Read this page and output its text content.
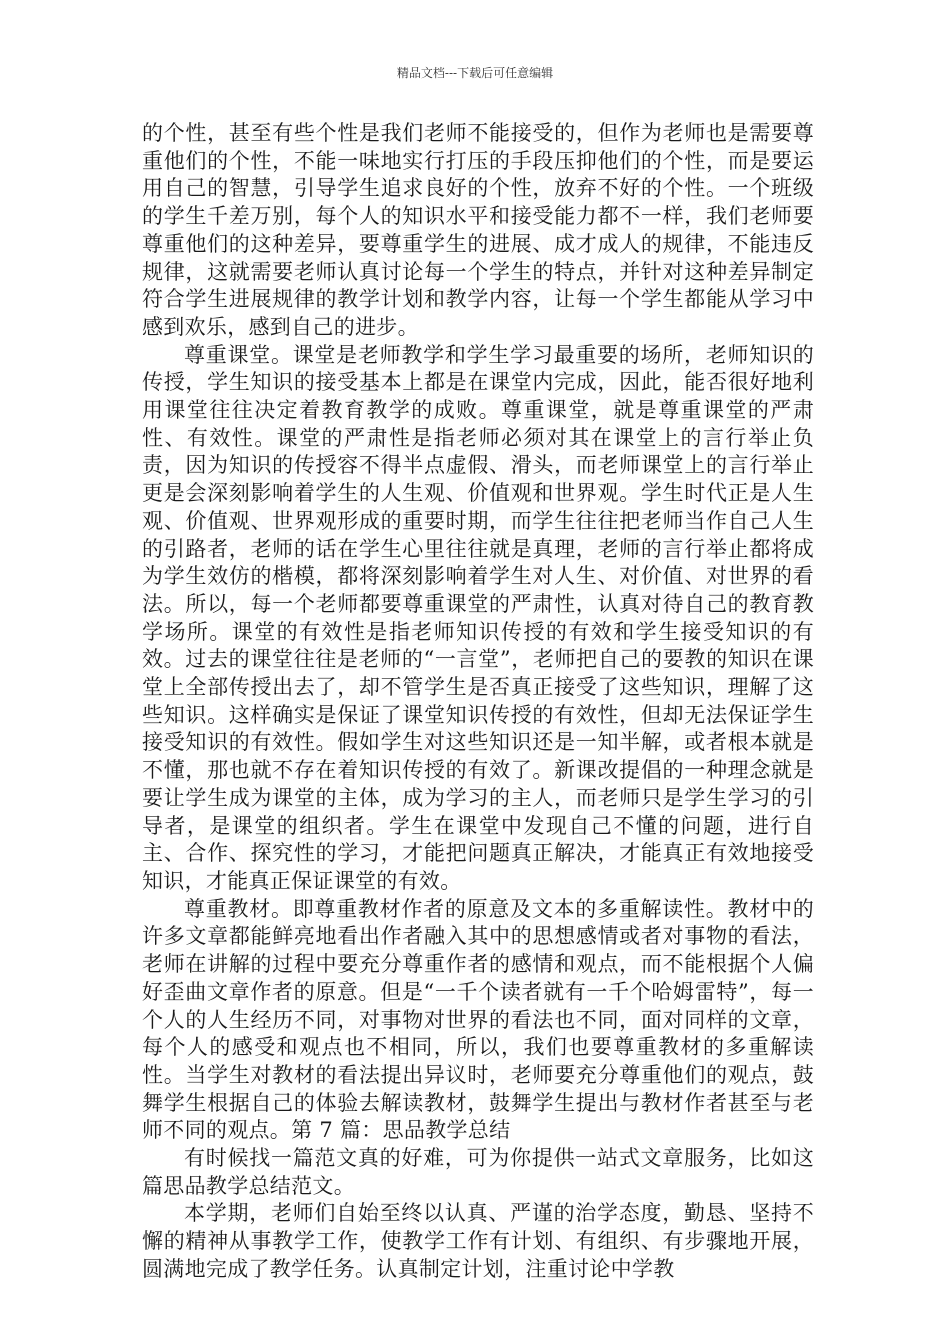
精品文档---下载后可任意编辑

的个性，甚至有些个性是我们老师不能接受的，但作为老师也是需要尊重他们的个性，不能一味地实行打压的手段压抑他们的个性，而是要运用自己的智慧，引导学生追求良好的个性，放弃不好的个性。一个班级的学生千差万别，每个人的知识水平和接受能力都不一样，我们老师要尊重他们的这种差异，要尊重学生的进展、成才成人的规律，不能违反规律，这就需要老师认真讨论每一个学生的特点，并针对这种差异制定符合学生进展规律的教学计划和教学内容，让每一个学生都能从学习中感到欢乐，感到自己的进步。

尊重课堂。课堂是老师教学和学生学习最重要的场所，老师知识的传授，学生知识的接受基本上都是在课堂内完成，因此，能否很好地利用课堂往往决定着教育教学的成败。尊重课堂，就是尊重课堂的严肃性、有效性。课堂的严肃性是指老师必须对其在课堂上的言行举止负责，因为知识的传授容不得半点虚假、滑头，而老师课堂上的言行举止更是会深刻影响着学生的人生观、价值观和世界观。学生时代正是人生观、价值观、世界观形成的重要时期，而学生往往把老师当作自己人生的引路者，老师的话在学生心里往往就是真理，老师的言行举止都将成为学生效仿的楷模，都将深刻影响着学生对人生、对价值、对世界的看法。所以，每一个老师都要尊重课堂的严肃性，认真对待自己的教育教学场所。课堂的有效性是指老师知识传授的有效和学生接受知识的有效。过去的课堂往往是老师的“一言堂”，老师把自己的要教的知识在课堂上全部传授出去了，却不管学生是否真正接受了这些知识，理解了这些知识。这样确实是保证了课堂知识传授的有效性，但却无法保证学生接受知识的有效性。假如学生对这些知识还是一知半解，或者根本就是不懂，那也就不存在着知识传授的有效了。新课改提倡的一种理念就是要让学生成为课堂的主体，成为学习的主人，而老师只是学生学习的引导者，是课堂的组织者。学生在课堂中发现自己不懂的问题，进行自主、合作、探究性的学习，才能把问题真正解决，才能真正有效地接受知识，才能真正保证课堂的有效。

尊重教材。即尊重教材作者的原意及文本的多重解读性。教材中的许多文章都能鲜亮地看出作者融入其中的思想感情或者对事物的看法，老师在讲解的过程中要充分尊重作者的感情和观点，而不能根据个人偏好歪曲文章作者的原意。但是“一千个读者就有一千个哈姆雷特”，每一个人的人生经历不同，对事物对世界的看法也不同，面对同样的文章，每个人的感受和观点也不相同，所以，我们也要尊重教材的多重解读性。当学生对教材的看法提出异议时，老师要充分尊重他们的观点，鼓舞学生根据自己的体验去解读教材，鼓舞学生提出与教材作者甚至与老师不同的观点。第 7 篇：思品教学总结

有时候找一篇范文真的好难，可为你提供一站式文章服务，比如这篇思品教学总结范文。

本学期，老师们自始至终以认真、严谨的治学态度，勤恳、坚持不懈的精神从事教学工作，使教学工作有计划、有组织、有步骤地开展，圆满地完成了教学任务。认真制定计划，注重讨论中学教
